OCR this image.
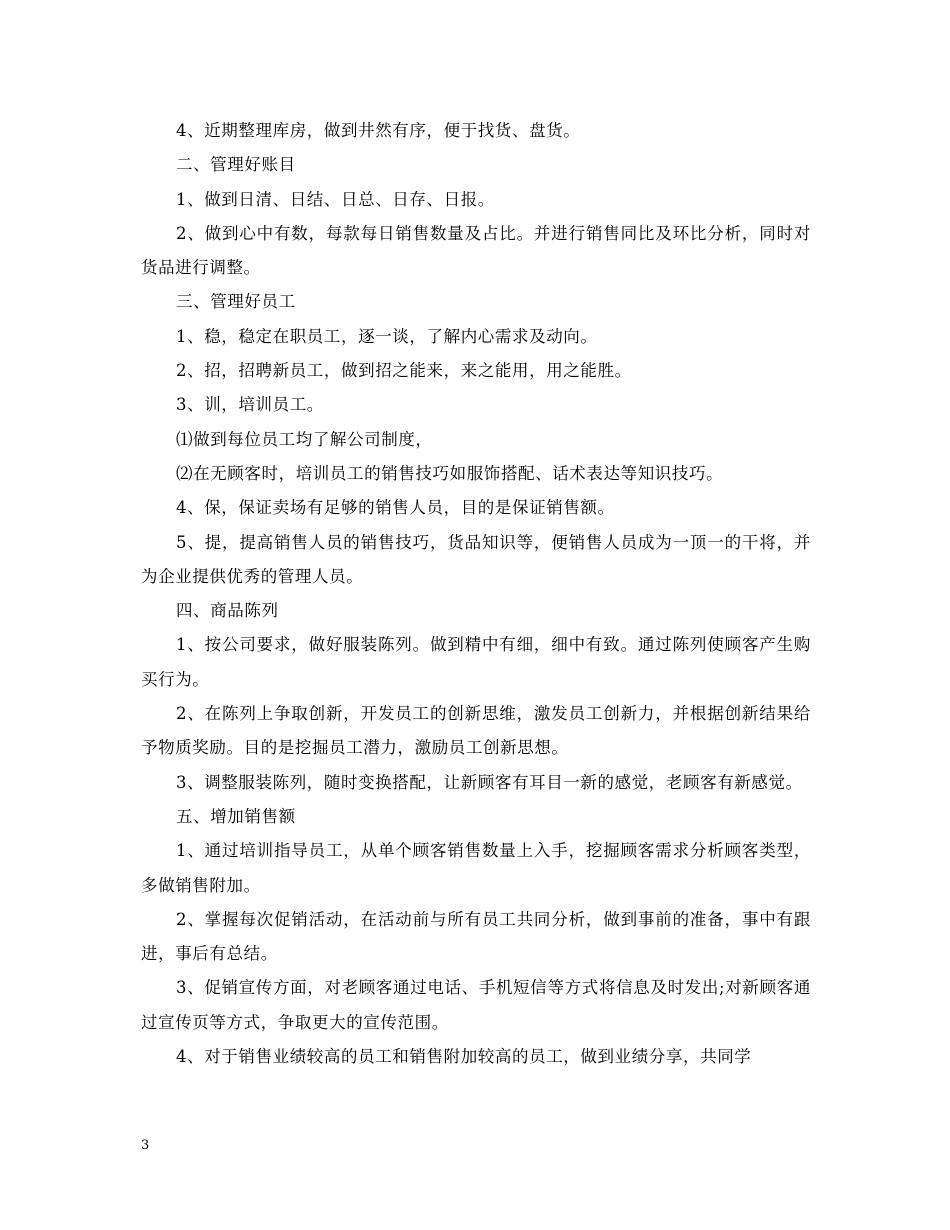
4、近期整理库房，做到井然有序，便于找货、盘货。

二、管理好账目

1、做到日清、日结、日总、日存、日报。

2、做到心中有数，每款每日销售数量及占比。并进行销售同比及环比分析，同时对货品进行调整。

三、管理好员工

1、稳，稳定在职员工，逐一谈，了解内心需求及动向。

2、招，招聘新员工，做到招之能来，来之能用，用之能胜。

3、训，培训员工。

⑴做到每位员工均了解公司制度，

⑵在无顾客时，培训员工的销售技巧如服饰搭配、话术表达等知识技巧。

4、保，保证卖场有足够的销售人员，目的是保证销售额。

5、提，提高销售人员的销售技巧，货品知识等，便销售人员成为一顶一的干将，并为企业提供优秀的管理人员。

四、商品陈列

1、按公司要求，做好服装陈列。做到精中有细，细中有致。通过陈列使顾客产生购买行为。

2、在陈列上争取创新，开发员工的创新思维，激发员工创新力，并根据创新结果给予物质奖励。目的是挖掘员工潜力，激励员工创新思想。

3、调整服装陈列，随时变换搭配，让新顾客有耳目一新的感觉，老顾客有新感觉。

五、增加销售额

1、通过培训指导员工，从单个顾客销售数量上入手，挖掘顾客需求分析顾客类型，多做销售附加。

2、掌握每次促销活动，在活动前与所有员工共同分析，做到事前的准备，事中有跟进，事后有总结。

3、促销宣传方面，对老顾客通过电话、手机短信等方式将信息及时发出;对新顾客通过宣传页等方式，争取更大的宣传范围。

4、对于销售业绩较高的员工和销售附加较高的员工，做到业绩分享，共同学

3
